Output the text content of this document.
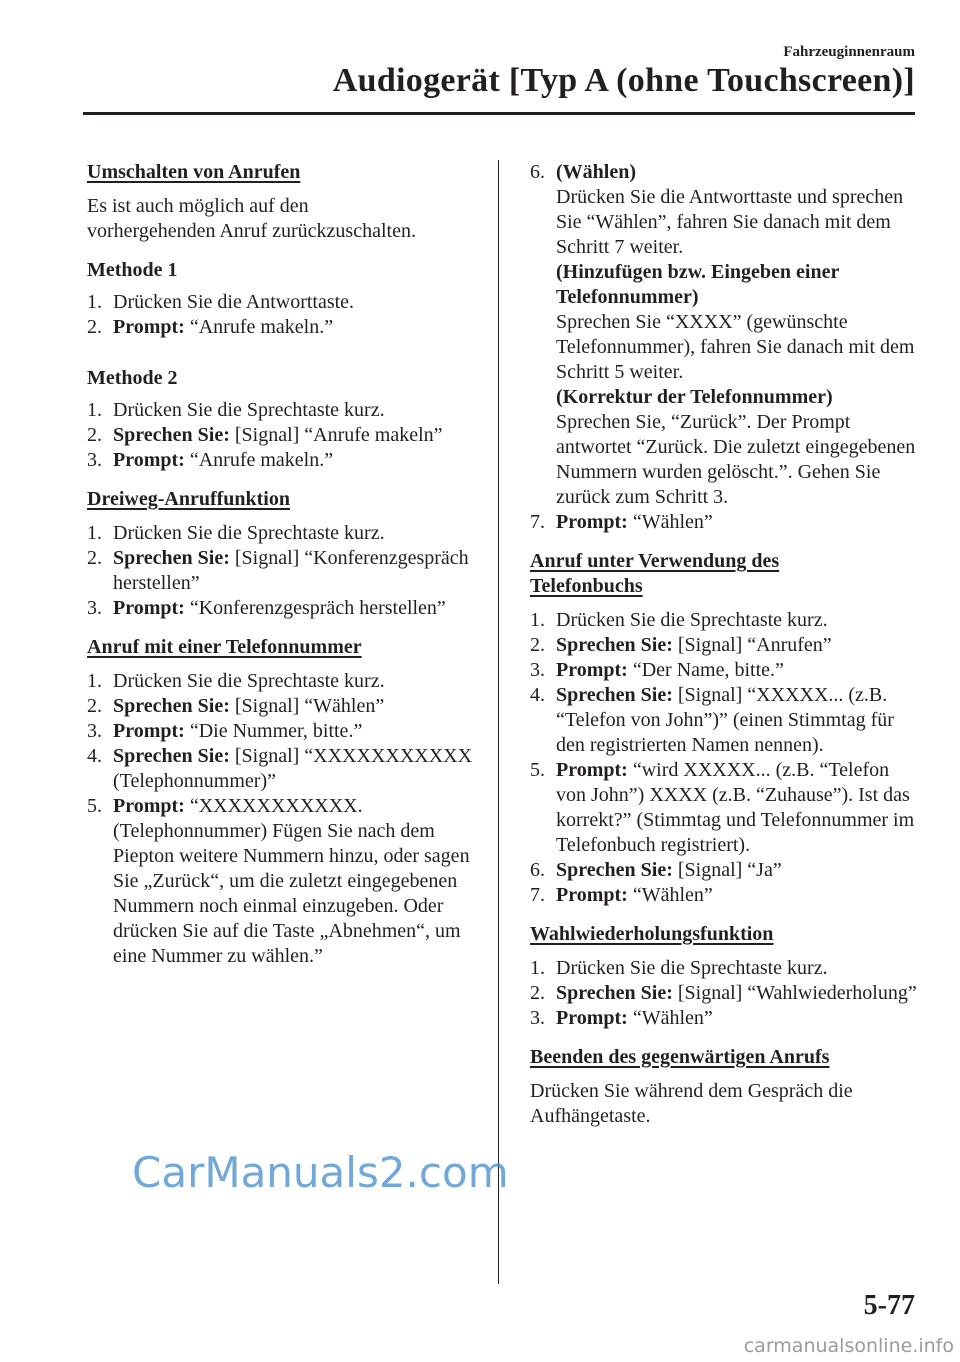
Fahrzeuginnenraum
Audiogerät [Typ A (ohne Touchscreen)]
Umschalten von Anrufen
Es ist auch möglich auf den
vorhergehenden Anruf zurückzuschalten.
Methode 1
1. Drücken Sie die Antworttaste.
2. Prompt: “Anrufe makeln.”
Methode 2
1. Drücken Sie die Sprechtaste kurz.
2. Sprechen Sie: [Signal] “Anrufe makeln”
3. Prompt: “Anrufe makeln.”
Dreiweg-Anruffunktion
1. Drücken Sie die Sprechtaste kurz.
2. Sprechen Sie: [Signal] “Konferenzgespräch herstellen”
3. Prompt: “Konferenzgespräch herstellen”
Anruf mit einer Telefonnummer
1. Drücken Sie die Sprechtaste kurz.
2. Sprechen Sie: [Signal] “Wählen”
3. Prompt: “Die Nummer, bitte.”
4. Sprechen Sie: [Signal] “XXXXXXXXXXX (Telephonnummer)”
5. Prompt: “XXXXXXXXXXX. (Telephonnummer) Fügen Sie nach dem Piepton weitere Nummern hinzu, oder sagen Sie „Zurück“, um die zuletzt eingegebenen Nummern noch einmal einzugeben. Oder drücken Sie auf die Taste „Abnehmen“, um eine Nummer zu wählen.”
6. (Wählen)
Drücken Sie die Antworttaste und sprechen Sie “Wählen”, fahren Sie danach mit dem Schritt 7 weiter.
(Hinzufügen bzw. Eingeben einer Telefonnummer)
Sprechen Sie “XXXX” (gewünschte Telefonnummer), fahren Sie danach mit dem Schritt 5 weiter.
(Korrektur der Telefonnummer)
Sprechen Sie, “Zurück”. Der Prompt antwortet “Zurück. Die zuletzt eingegebenen Nummern wurden gelöscht.”. Gehen Sie zurück zum Schritt 3.
7. Prompt: “Wählen”
Anruf unter Verwendung des
Telefonbuchs
1. Drücken Sie die Sprechtaste kurz.
2. Sprechen Sie: [Signal] “Anrufen”
3. Prompt: “Der Name, bitte.”
4. Sprechen Sie: [Signal] “XXXXX... (z.B. “Telefon von John”)” (einen Stimmtag für den registrierten Namen nennen).
5. Prompt: “wird XXXXX... (z.B. “Telefon von John”) XXXX (z.B. “Zuhause”). Ist das korrekt?” (Stimmtag und Telefonnummer im Telefonbuch registriert).
6. Sprechen Sie: [Signal] “Ja”
7. Prompt: “Wählen”
Wahlwiederholungsfunktion
1. Drücken Sie die Sprechtaste kurz.
2. Sprechen Sie: [Signal] “Wahlwiederholung”
3. Prompt: “Wählen”
Beenden des gegenwärtigen Anrufs
Drücken Sie während dem Gespräch die
Aufhängetaste.
5-77
CarManuals2.com
carmanualsonline.info
